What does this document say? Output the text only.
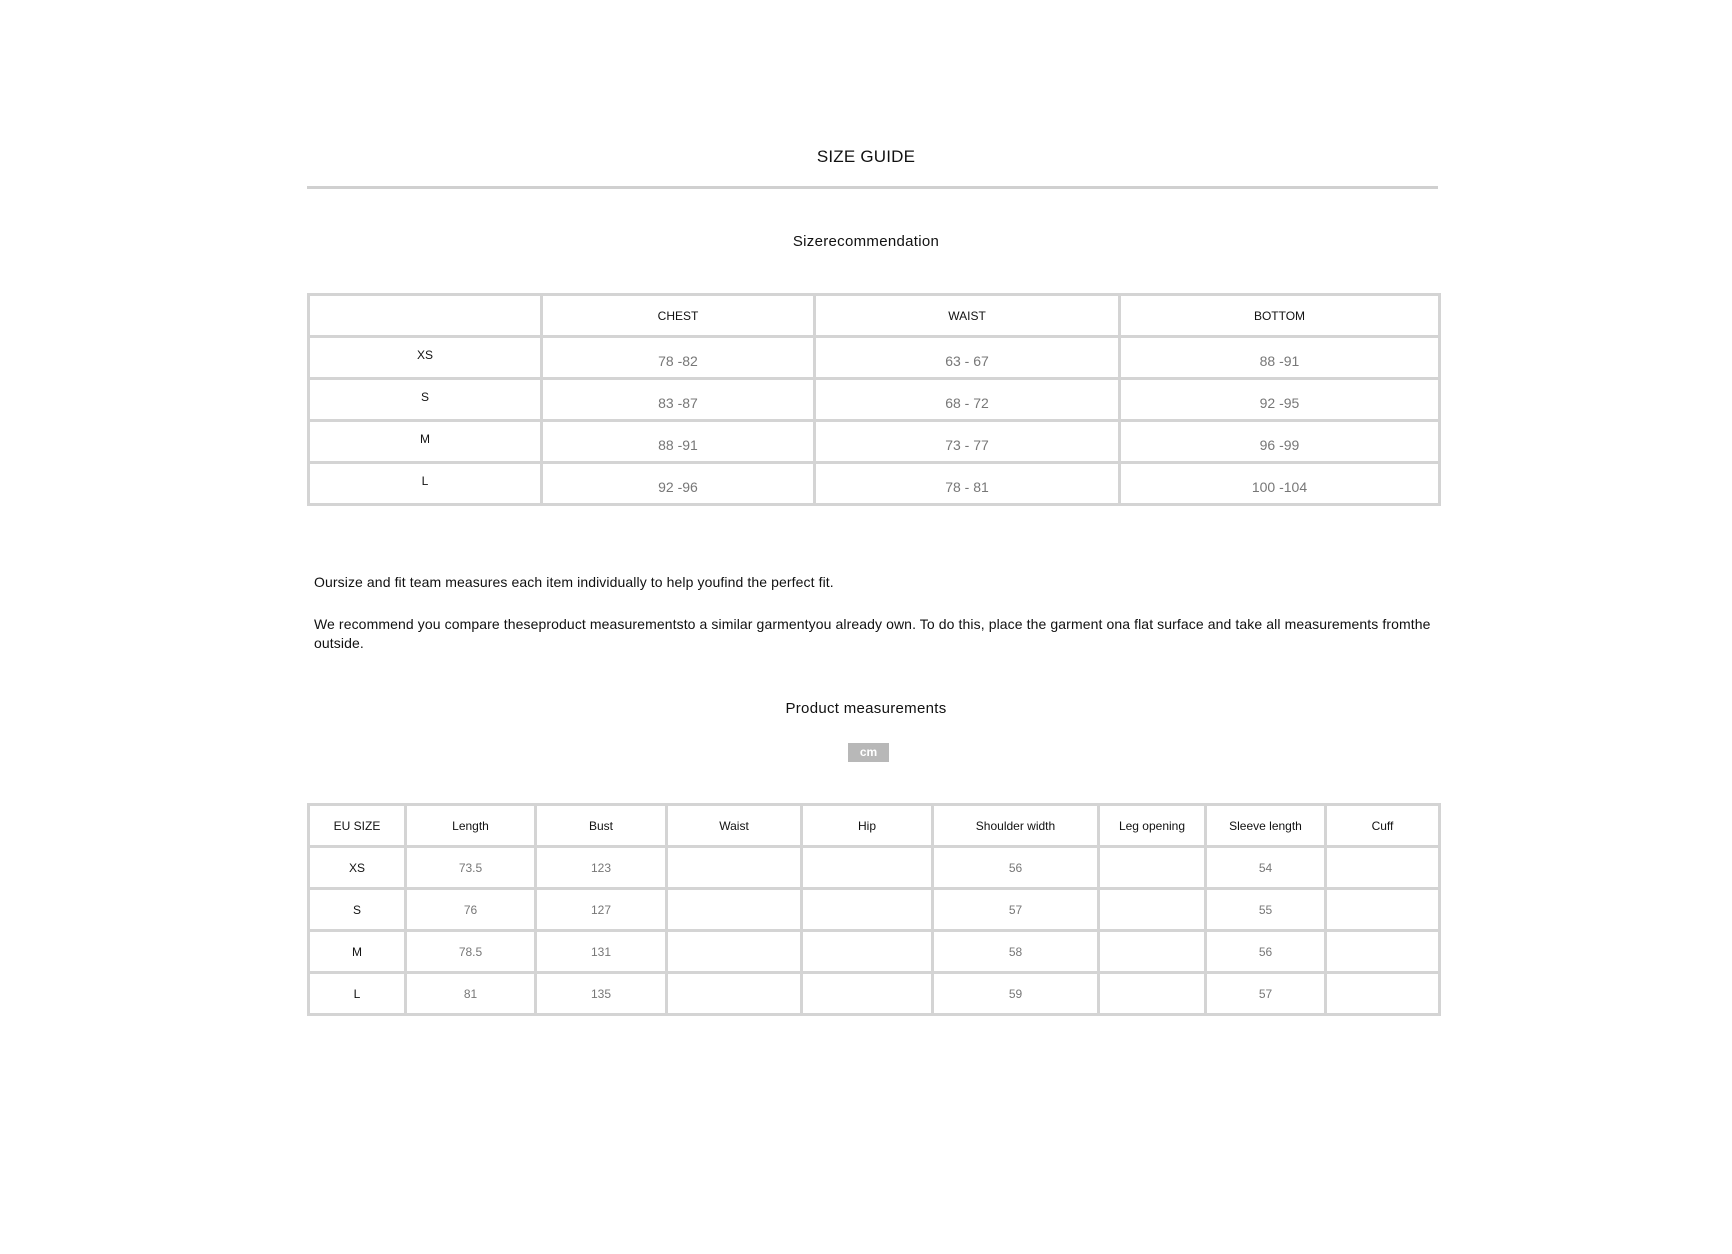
SIZE GUIDE
Sizerecommendation
	CHEST	WAIST	BOTTOM
XS	78 -82	63 - 67	88 -91
S	83 -87	68 - 72	92 -95
M	88 -91	73 - 77	96 -99
L	92 -96	78 - 81	100 -104
Oursize and fit team measures each item individually to help youfind the perfect fit.
We recommend you compare theseproduct measurementsto a similar garmentyou already own. To do this, place the garment ona flat surface and take all measurements fromthe outside.
Product measurements
cm
EU SIZE	Length	Bust	Waist	Hip	Shoulder width	Leg opening	Sleeve length	Cuff
XS	73.5	123			56		54	
S	76	127			57		55	
M	78.5	131			58		56	
L	81	135			59		57	
